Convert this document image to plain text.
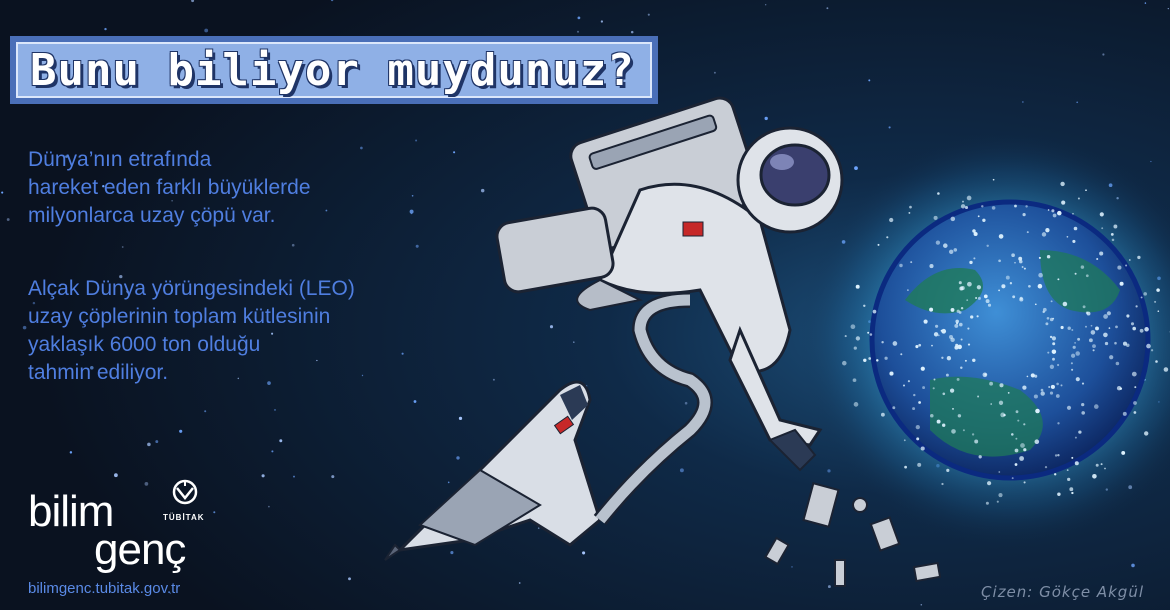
Bunu biliyor muydunuz?

Dünya’nın etrafında
hareket eden farklı büyüklerde
milyonlarca uzay çöpü var.

Alçak Dünya yörüngesindeki (LEO)
uzay çöplerinin toplam kütlesinin
yaklaşık 6000 ton olduğu
tahmin ediliyor.

bilim
genç
TÜBİTAK
bilimgenc.tubitak.gov.tr	Çizen: Gökçe Akgül
